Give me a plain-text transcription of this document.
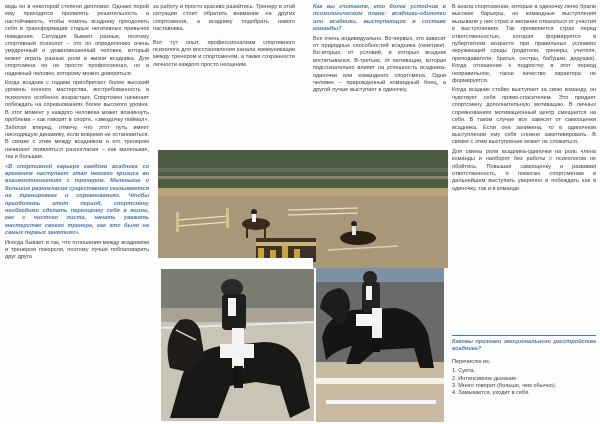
ведь он в некоторой степени дипломат. Однако порой ему приходится проявлять решительность и настойчивость, чтобы помочь всаднику преодолеть себя в трансформации старых негативных привычек поведения. Ситуация бывает разные, поэтому спортивный психолог – это по определению очень умудренный и уравновешенный человек, который может играть разные роли в жизни всадника. Для спортсмена он не просто профессионал, но и надежный человек, которому можно довериться.

Когда всадник с годами приобретает более высокий уровень конного мастерства, востребованность в психологе особенно возрастает. Спортсмен начинает побеждать на соревнованиях более высокого уровня. В этот момент у каждого человека может возникнуть проблема – как говорят в спорте, «звездочку поймал». Заботая вперед, отмечу, что этот путь имеет нисходящую динамику, если вовремя не остановиться. В связке с этим между всадником и его тренером начинают появляться разногласия – как маленькие, так и большие.

«В спортивной карьере каждого всадника со временем наступает этап некоего кризиса во взаимоотношениях с тренером. Маленькие и большие разногласия существенно сказываются на тренировках и соревнованиях. Чтобы преодолеть этот период, спортсмену необходимо сделать переоценку себя в жизни, как с чистого листа, начать уважать мастерство своего тренера, как это было на самых первых занятиях».

Иногда бывает и так, что отношения между всадником и тренером покорсли, поэтому лучше побпаговарить друг друга

за работу и просто красиво разойтись. Тренеру в этой ситуации стоит обратить внимание на других спортсменов, а всаднику подобрать нового наставника.

Вот тут опыт, профессионализм спортивного психолога для восстановления канала коммуникации между тренером и спортсменом, а также сохранности личности каждого просто неоценим.

Как вы считаете, кто более устойчив в психологическом плане: всадники-одиночки или всадники, выступающие в составе команды?

Все очень индивидуально. Во-первых, это зависит от природных способностей всадника (генетики). Во-вторых, от условий, в которых всадник воспитывался. В-третьих, от мотивации, которая подсознательно влияет на успешность всадника-одиночки или командного спортсмена. Одни человек – прирожденный командный боец, а другой лучше выступает в одиночку.

В анала спортсменов, которые в одиночку легко брали высокие барьеры, но командные выступления вызывали у них страх и желание отказаться от участия в выступлениях. Так проявляется страх перед ответственностью, которая формируется в пубертатном возрасте при правильных условиях окружающей среды (родители, тренеры, учителя, преподаватели, братья, сестры, бабушки, дедушки). Когда отношение к подростку в этот период неправильное, такое качество характера не формируется.

Когда всадник стойко выступает за свою команду, он чувствует себя прямо-спасителем. Это придает спортсмену дополнительную мотивацию. В личных соревнованиях мотивационный центр смещается на себя. В таком случае все зависит от самооценки всадника. Если она занижена, то в одиночном выступлении ему себя сложно замотивировать. В связке с этим выступление может не сложиться.

Для смены роли всадника-одиночки на роль члена команды и наоборот без работы с психологом не обойтись. Повышая самооценку и развивая ответственность, я помогаю спортсменам в дальнейшем выступать уверенно и побеждать как в одиночку, так и в команде.

Каковы признаки эмоционального расстройства всадника?

Перечислю их.

1. Суета.
2. Интенсивное дыхание.
3. Много говорит (больше, чем обычно).
4. Замыкается, уходит в себя.
